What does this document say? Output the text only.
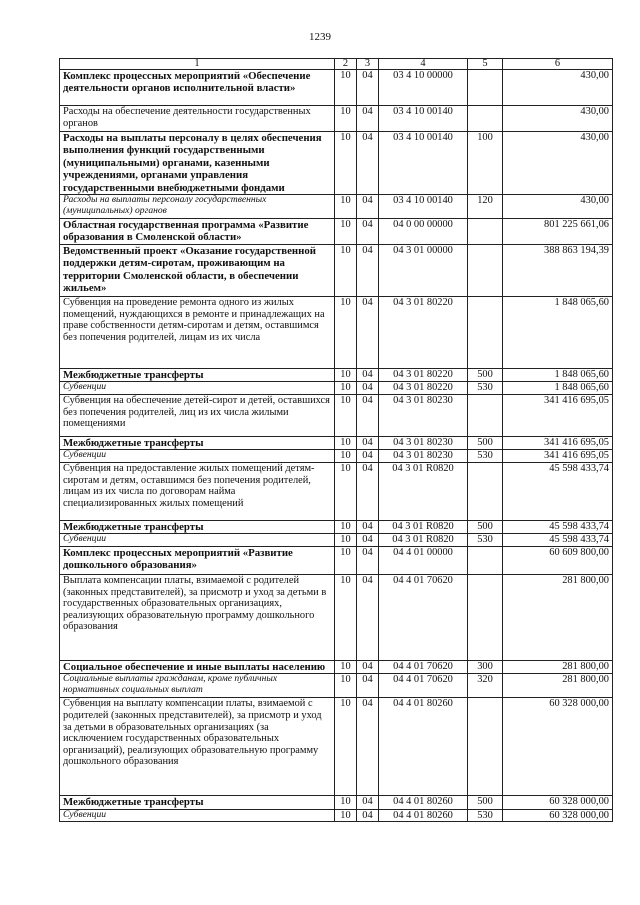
1239
1	2	3	4	5	6
Комплекс процессных мероприятий «Обеспечение деятельности органов исполнительной власти»	10	04	03 4 10 00000		430,00
Расходы на обеспечение деятельности государственных органов	10	04	03 4 10 00140		430,00
Расходы на выплаты персоналу в целях обеспечения выполнения функций государственными (муниципальными) органами, казенными учреждениями, органами управления государственными внебюджетными фондами	10	04	03 4 10 00140	100	430,00
Расходы на выплаты персоналу государственных (муниципальных) органов	10	04	03 4 10 00140	120	430,00
Областная государственная программа «Развитие образования в Смоленской области»	10	04	04 0 00 00000		801 225 661,06
Ведомственный проект «Оказание государственной поддержки детям-сиротам, проживающим на территории Смоленской области, в обеспечении жильем»	10	04	04 3 01 00000		388 863 194,39
Субвенция на проведение ремонта одного из жилых помещений, нуждающихся в ремонте и принадлежащих на праве собственности детям-сиротам и детям, оставшимся без попечения родителей, лицам из их числа	10	04	04 3 01 80220		1 848 065,60
Межбюджетные трансферты	10	04	04 3 01 80220	500	1 848 065,60
Субвенции	10	04	04 3 01 80220	530	1 848 065,60
Субвенция на обеспечение детей-сирот и детей, оставшихся без попечения родителей, лиц из их числа жилыми помещениями	10	04	04 3 01 80230		341 416 695,05
Межбюджетные трансферты	10	04	04 3 01 80230	500	341 416 695,05
Субвенции	10	04	04 3 01 80230	530	341 416 695,05
Субвенция на предоставление жилых помещений детям-сиротам и детям, оставшимся без попечения родителей, лицам из их числа по договорам найма специализированных жилых помещений	10	04	04 3 01 R0820		45 598 433,74
Межбюджетные трансферты	10	04	04 3 01 R0820	500	45 598 433,74
Субвенции	10	04	04 3 01 R0820	530	45 598 433,74
Комплекс процессных мероприятий «Развитие дошкольного образования»	10	04	04 4 01 00000		60 609 800,00
Выплата компенсации платы, взимаемой с родителей (законных представителей), за присмотр и уход за детьми в государственных образовательных организациях, реализующих образовательную программу дошкольного образования	10	04	04 4 01 70620		281 800,00
Социальное обеспечение и иные выплаты населению	10	04	04 4 01 70620	300	281 800,00
Социальные выплаты гражданам, кроме публичных нормативных социальных выплат	10	04	04 4 01 70620	320	281 800,00
Субвенция на выплату компенсации платы, взимаемой с родителей (законных представителей), за присмотр и уход за детьми в образовательных организациях (за исключением государственных образовательных организаций), реализующих образовательную программу дошкольного образования	10	04	04 4 01 80260		60 328 000,00
Межбюджетные трансферты	10	04	04 4 01 80260	500	60 328 000,00
Субвенции	10	04	04 4 01 80260	530	60 328 000,00
